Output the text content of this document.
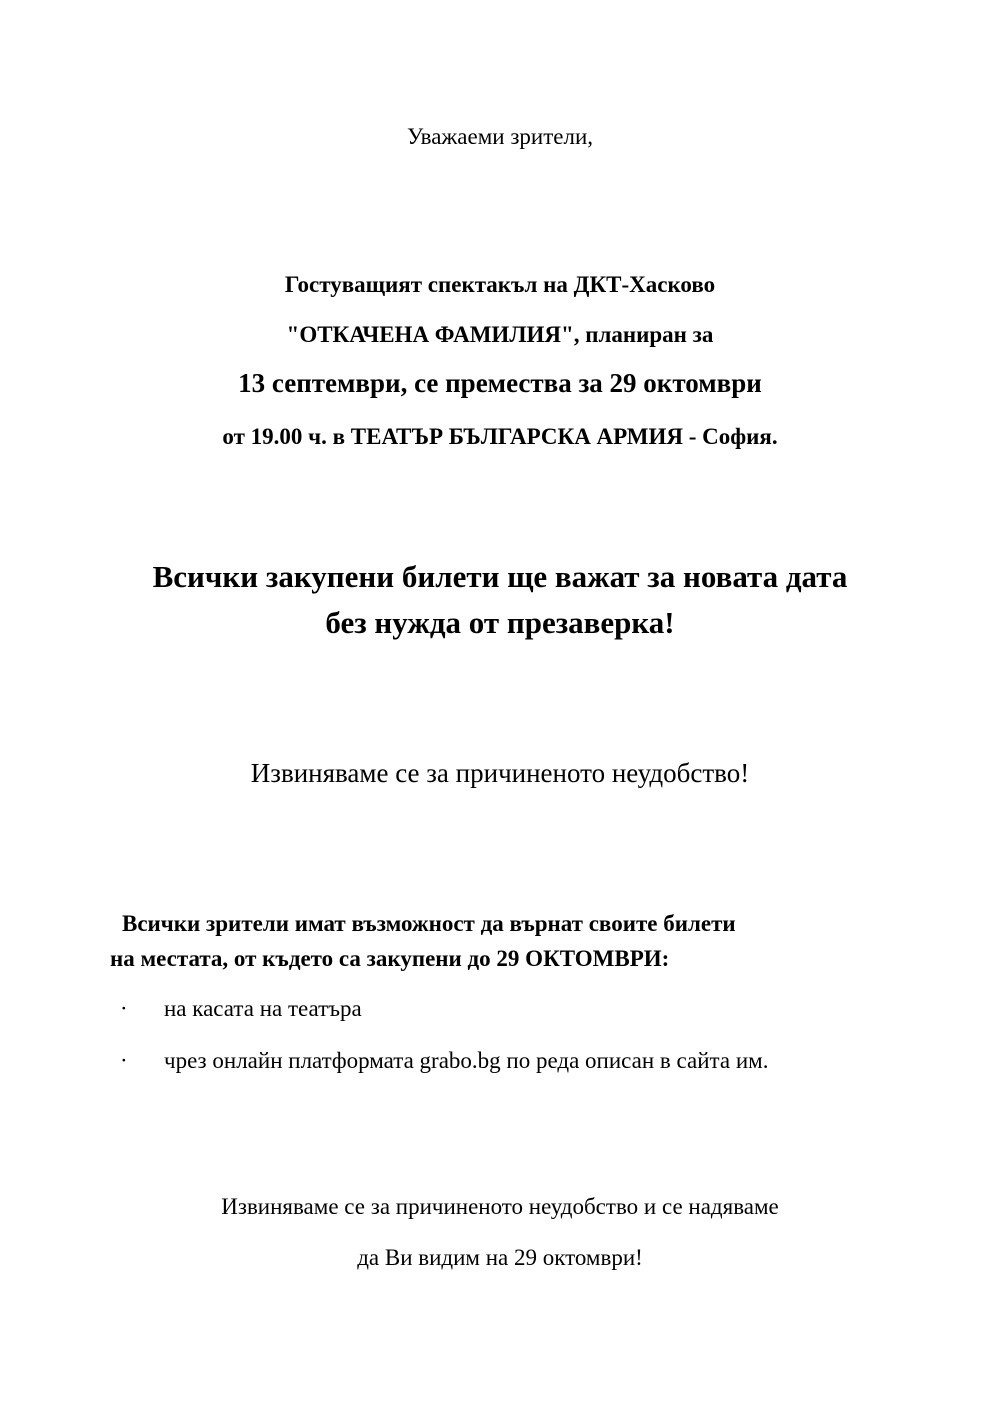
Уважаеми зрители,
Гостуващият спектакъл на ДКТ-Хасково
"ОТКАЧЕНА ФАМИЛИЯ", планиран за
13 септември, се премества за 29 октомври
от 19.00 ч. в ТЕАТЪР БЪЛГАРСКА АРМИЯ - София.
Всички закупени билети ще важат за новата дата
без нужда от презаверка!
Извиняваме се за причиненото неудобство!
Всички зрители имат възможност да върнат своите билети
на местата, от където са закупени до 29 ОКТОМВРИ:
· на касата на театъра
· чрез онлайн платформата grabo.bg по реда описан в сайта им.
Извиняваме се за причиненото неудобство и се надяваме
да Ви видим на 29 октомври!
